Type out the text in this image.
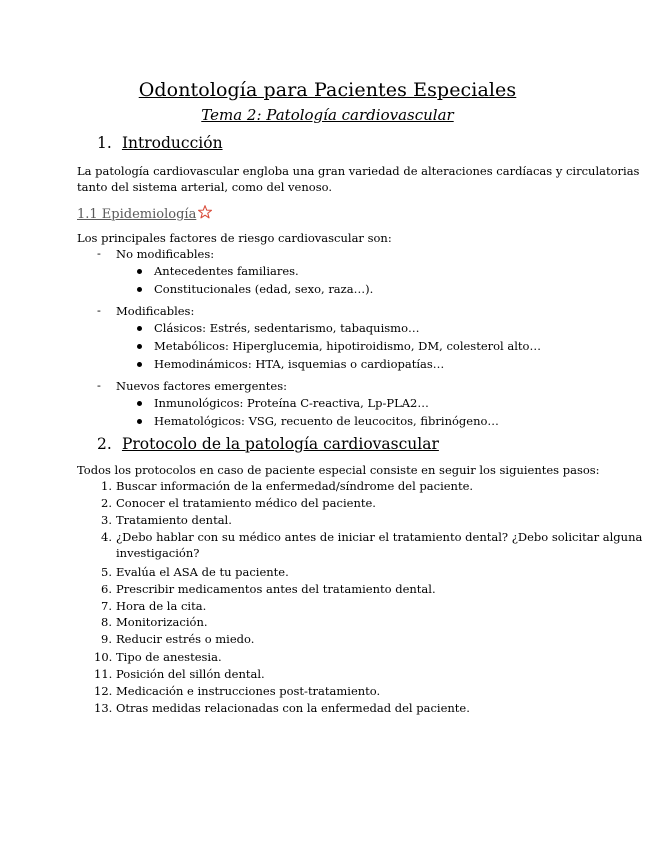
Odontología para Pacientes Especiales
Tema 2: Patología cardiovascular
1. Introducción
La patología cardiovascular engloba una gran variedad de alteraciones cardíacas y circulatorias
tanto del sistema arterial, como del venoso.
1.1 Epidemiología
Los principales factores de riesgo cardiovascular son:
- No modificables:
Antecedentes familiares.
Constitucionales (edad, sexo, raza…).
- Modificables:
Clásicos: Estrés, sedentarismo, tabaquismo…
Metabólicos: Hiperglucemia, hipotiroidismo, DM, colesterol alto…
Hemodinámicos: HTA, isquemias o cardiopatías…
- Nuevos factores emergentes:
Inmunológicos: Proteína C-reactiva, Lp-PLA2…
Hematológicos: VSG, recuento de leucocitos, fibrinógeno…
2. Protocolo de la patología cardiovascular
Todos los protocolos en caso de paciente especial consiste en seguir los siguientes pasos:
1. Buscar información de la enfermedad/síndrome del paciente.
2. Conocer el tratamiento médico del paciente.
3. Tratamiento dental.
4. ¿Debo hablar con su médico antes de iniciar el tratamiento dental? ¿Debo solicitar alguna
investigación?
5. Evalúa el ASA de tu paciente.
6. Prescribir medicamentos antes del tratamiento dental.
7. Hora de la cita.
8. Monitorización.
9. Reducir estrés o miedo.
10. Tipo de anestesia.
11. Posición del sillón dental.
12. Medicación e instrucciones post-tratamiento.
13. Otras medidas relacionadas con la enfermedad del paciente.
